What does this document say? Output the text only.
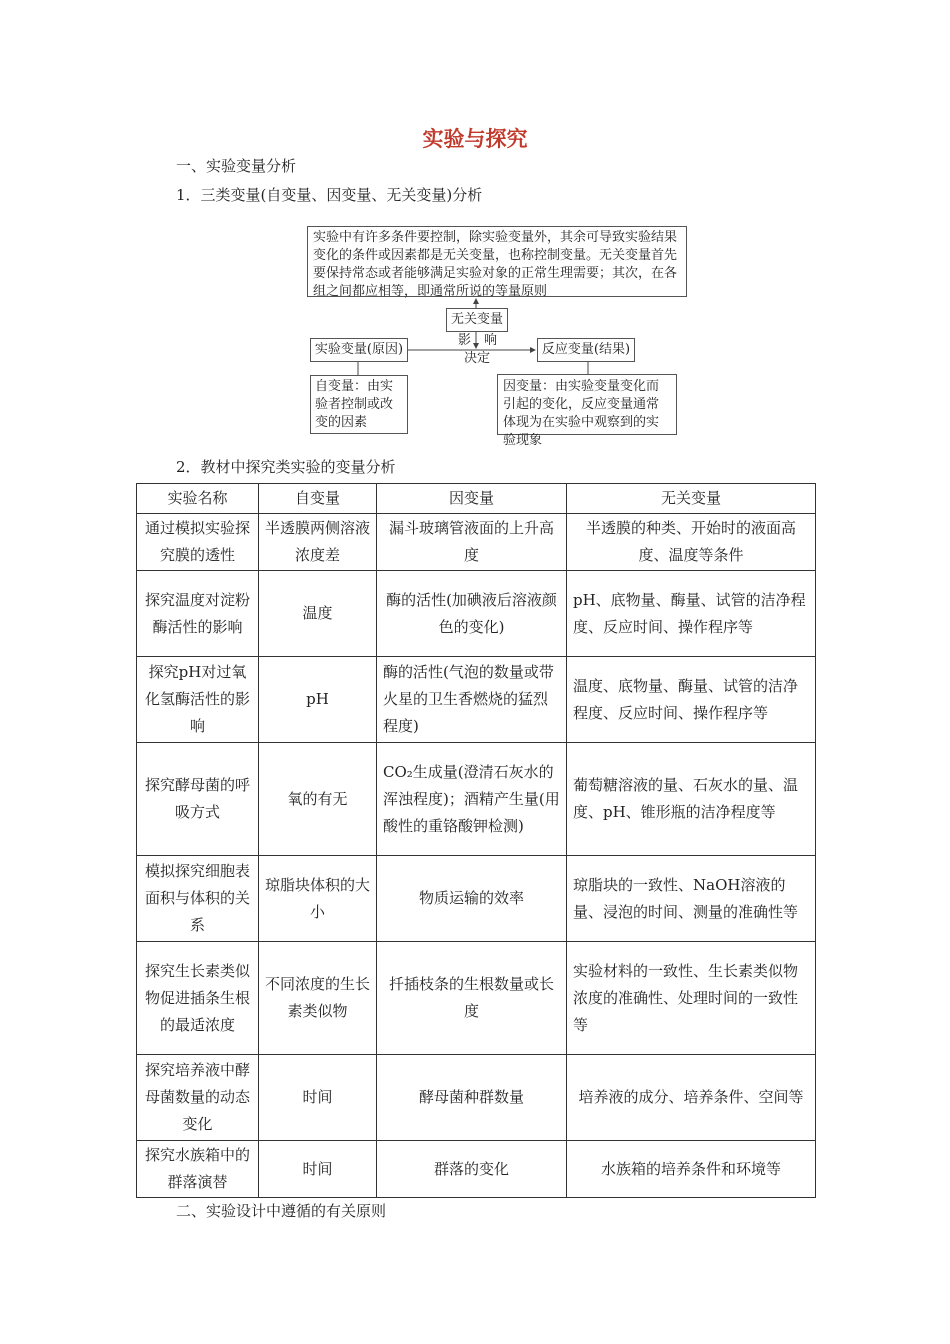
实验与探究
一、实验变量分析
1．三类变量(自变量、因变量、无关变量)分析
实验中有许多条件要控制，除实验变量外，其余可导致实验结果变化的条件或因素都是无关变量，也称控制变量。无关变量首先要保持常态或者能够满足实验对象的正常生理需要；其次，在各组之间都应相等，即通常所说的等量原则
无关变量
影　响
决定
实验变量(原因)	反应变量(结果)
自变量：由实验者控制或改变的因素
因变量：由实验变量变化而引起的变化，反应变量通常体现为在实验中观察到的实验现象
2．教材中探究类实验的变量分析
实验名称	自变量	因变量	无关变量
通过模拟实验探究膜的透性	半透膜两侧溶液浓度差	漏斗玻璃管液面的上升高度	半透膜的种类、开始时的液面高度、温度等条件
探究温度对淀粉酶活性的影响	温度	酶的活性(加碘液后溶液颜色的变化)	pH、底物量、酶量、试管的洁净程度、反应时间、操作程序等
探究pH对过氧化氢酶活性的影响	pH	酶的活性(气泡的数量或带火星的卫生香燃烧的猛烈程度)	温度、底物量、酶量、试管的洁净程度、反应时间、操作程序等
探究酵母菌的呼吸方式	氧的有无	CO₂生成量(澄清石灰水的浑浊程度)；酒精产生量(用酸性的重铬酸钾检测)	葡萄糖溶液的量、石灰水的量、温度、pH、锥形瓶的洁净程度等
模拟探究细胞表面积与体积的关系	琼脂块体积的大小	物质运输的效率	琼脂块的一致性、NaOH溶液的量、浸泡的时间、测量的准确性等
探究生长素类似物促进插条生根的最适浓度	不同浓度的生长素类似物	扦插枝条的生根数量或长度	实验材料的一致性、生长素类似物浓度的准确性、处理时间的一致性等
探究培养液中酵母菌数量的动态变化	时间	酵母菌种群数量	培养液的成分、培养条件、空间等
探究水族箱中的群落演替	时间	群落的变化	水族箱的培养条件和环境等
二、实验设计中遵循的有关原则
